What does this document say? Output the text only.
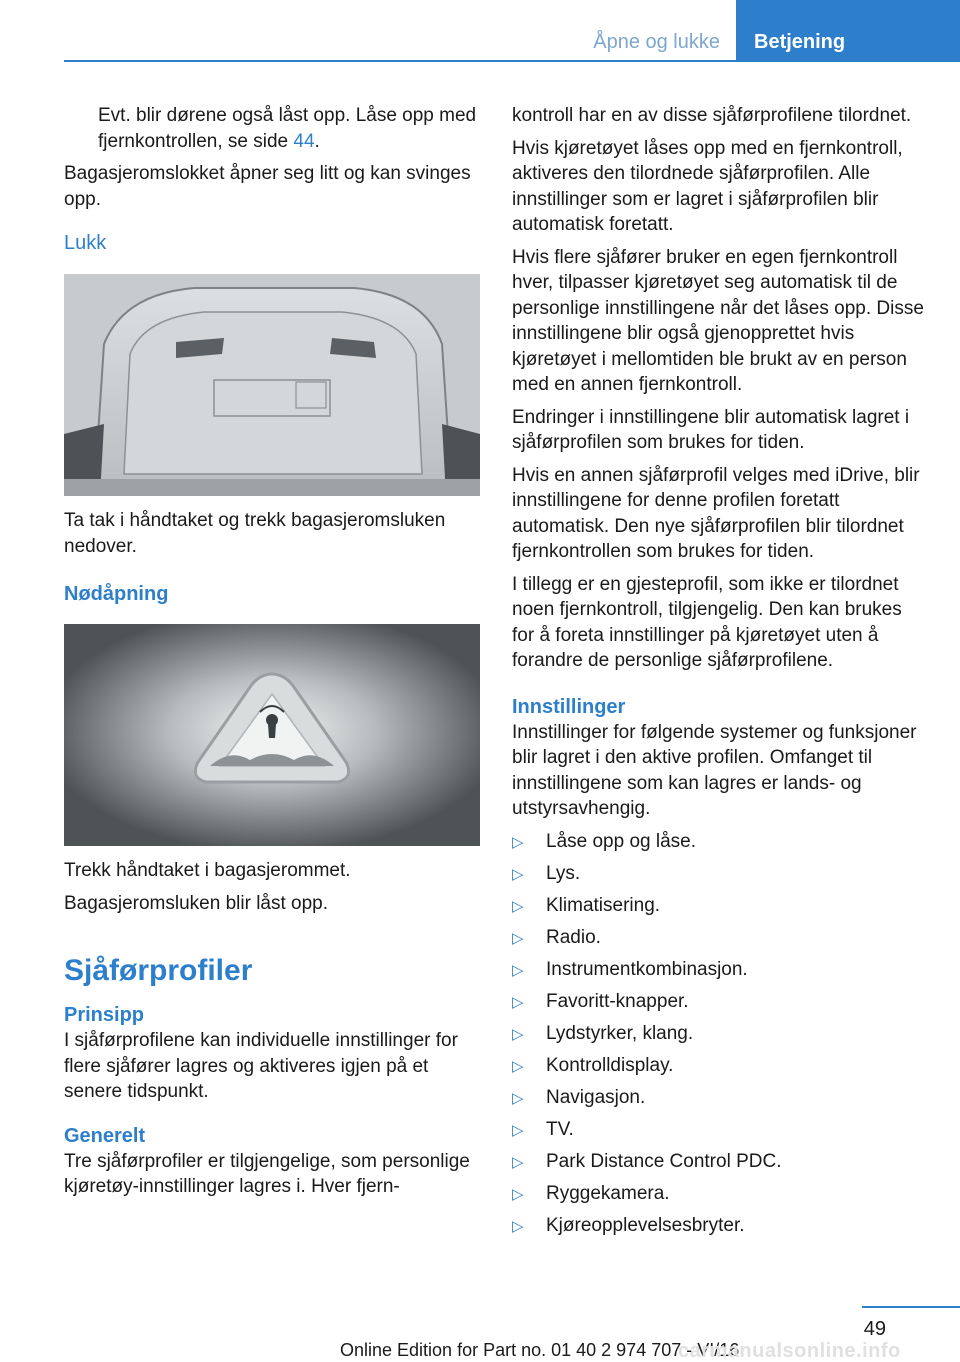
Åpne og lukke	Betjening

Evt. blir dørene også låst opp. Låse opp med fjernkontrollen, se side 44.

Bagasjeromslokket åpner seg litt og kan svinges opp.

Lukk

Ta tak i håndtaket og trekk bagasjeromsluken nedover.

Nødåpning

Trekk håndtaket i bagasjerommet.

Bagasjeromsluken blir låst opp.

Sjåførprofiler
Prinsipp

I sjåførprofilene kan individuelle innstillinger for flere sjåfører lagres og aktiveres igjen på et senere tidspunkt.

Generelt

Tre sjåførprofiler er tilgjengelige, som personlige kjøretøy-innstillinger lagres i. Hver fjern-

kontroll har en av disse sjåførprofilene tilordnet.

Hvis kjøretøyet låses opp med en fjernkontroll, aktiveres den tilordnede sjåførprofilen. Alle innstillinger som er lagret i sjåførprofilen blir automatisk foretatt.

Hvis flere sjåfører bruker en egen fjernkontroll hver, tilpasser kjøretøyet seg automatisk til de personlige innstillingene når det låses opp. Disse innstillingene blir også gjenopprettet hvis kjøretøyet i mellomtiden ble brukt av en person med en annen fjernkontroll.

Endringer i innstillingene blir automatisk lagret i sjåførprofilen som brukes for tiden.

Hvis en annen sjåførprofil velges med iDrive, blir innstillingene for denne profilen foretatt automatisk. Den nye sjåførprofilen blir tilordnet fjernkontrollen som brukes for tiden.

I tillegg er en gjesteprofil, som ikke er tilordnet noen fjernkontroll, tilgjengelig. Den kan brukes for å foreta innstillinger på kjøretøyet uten å forandre de personlige sjåførprofilene.

Innstillinger

Innstillinger for følgende systemer og funksjoner blir lagret i den aktive profilen. Omfanget til innstillingene som kan lagres er lands- og utstyrsavhengig.

▷ Låse opp og låse.
▷ Lys.
▷ Klimatisering.
▷ Radio.
▷ Instrumentkombinasjon.
▷ Favoritt-knapper.
▷ Lydstyrker, klang.
▷ Kontrolldisplay.
▷ Navigasjon.
▷ TV.
▷ Park Distance Control PDC.
▷ Ryggekamera.
▷ Kjøreopplevelsesbryter.
49
Online Edition for Part no. 01 40 2 974 707 - VI/16
carmanualsonline.info
